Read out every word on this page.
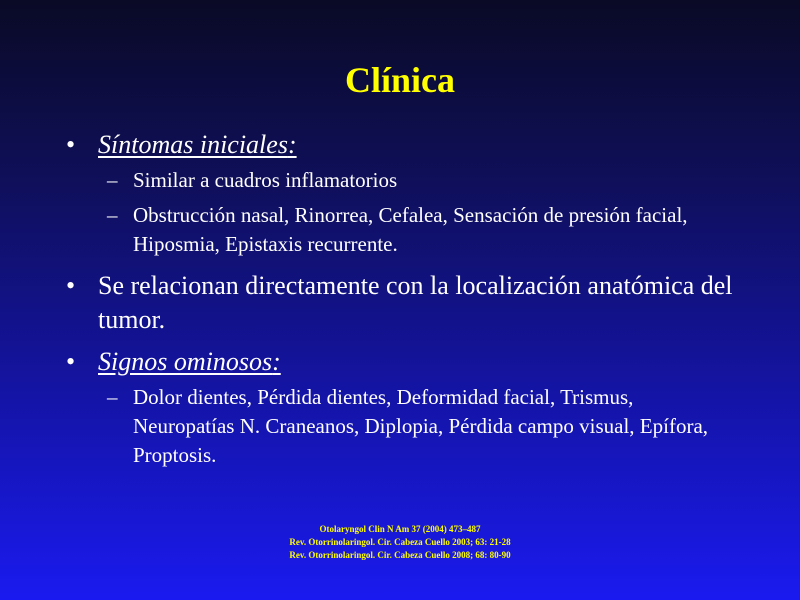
Clínica
• Síntomas iniciales:
– Similar a cuadros inflamatorios
– Obstrucción nasal, Rinorrea, Cefalea, Sensación de presión facial, Hiposmia, Epistaxis recurrente.
• Se relacionan directamente con la localización anatómica del tumor.
• Signos ominosos:
– Dolor dientes, Pérdida dientes, Deformidad facial, Trismus, Neuropatías N. Craneanos, Diplopia, Pérdida campo visual, Epífora, Proptosis.
Otolaryngol Clin N Am 37 (2004) 473–487
Rev. Otorrinolaringol. Cir. Cabeza Cuello 2003; 63: 21-28
Rev. Otorrinolaringol. Cir. Cabeza Cuello 2008; 68: 80-90
